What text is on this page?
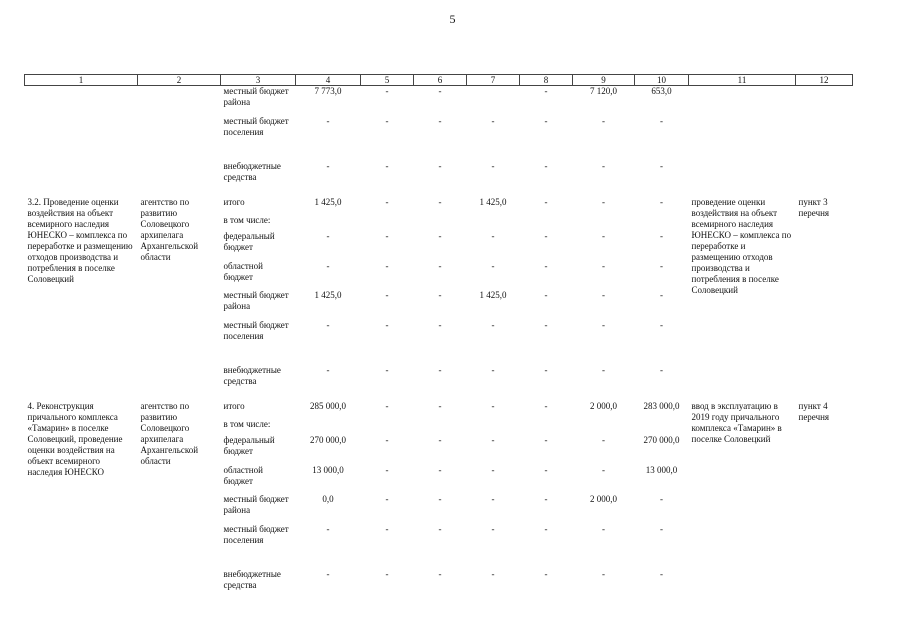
5
1	2	3	4	5	6	7	8	9	10	11	12
		местный бюджет района	7 773,0	-	-		-	7 120,0	653,0		
		местный бюджет поселения	-	-	-	-	-	-	-		
		внебюджетные средства	-	-	-	-	-	-	-		

3.2. Проведение оценки воздействия на объект всемирного наследия ЮНЕСКО – комплекса по переработке и размещению отходов производства и потребления в поселке Соловецкий	агентство по развитию Соловецкого архипелага Архангельской области	итого	1 425,0	-	-	1 425,0	-	-	-	проведение оценки воздействия на объект всемирного наследия ЮНЕСКО – комплекса по переработке и размещению отходов производства и потребления в поселке Соловецкий	пункт 3 перечня
		в том числе:									
		федеральный бюджет	-	-	-	-	-	-	-		
		областной бюджет	-	-	-	-	-	-	-		
		местный бюджет района	1 425,0	-	-	1 425,0	-	-	-		
		местный бюджет поселения	-	-	-	-	-	-	-		
		внебюджетные средства	-	-	-	-	-	-	-		

4. Реконструкция причального комплекса «Тамарин» в поселке Соловецкий, проведение оценки воздействия на объект всемирного наследия ЮНЕСКО	агентство по развитию Соловецкого архипелага Архангельской области	итого	285 000,0	-	-	-	-	2 000,0	283 000,0	ввод в эксплуатацию в 2019 году причального комплекса «Тамарин» в поселке Соловецкий	пункт 4 перечня
		в том числе:									
		федеральный бюджет	270 000,0	-	-	-	-	-	270 000,0		
		областной бюджет	13 000,0	-	-	-	-	-	13 000,0		
		местный бюджет района	0,0	-	-	-	-	2 000,0	-		
		местный бюджет поселения	-	-	-	-	-	-	-		
		внебюджетные средства	-	-	-	-	-	-	-		
